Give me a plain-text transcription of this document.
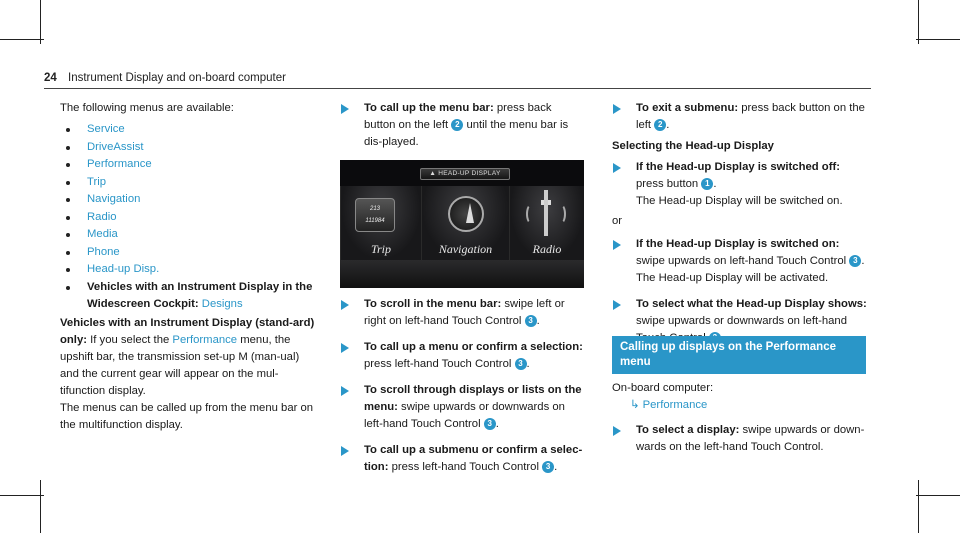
24 Instrument Display and on-board computer

The following menus are available:

Service
DriveAssist
Performance
Trip
Navigation
Radio
Media
Phone
Head-up Disp.
Vehicles with an Instrument Display in the Widescreen Cockpit: Designs

Vehicles with an Instrument Display (stand-ard) only: If you select the Performance menu, the upshift bar, the transmission set-up M (man-ual) and the current gear will appear on the mul-tifunction display.

The menus can be called up from the menu bar on the multifunction display.

To call up the menu bar: press back button on the left 2 until the menu bar is dis-played.
▲ HEAD-UP DISPLAY
213
111984
Trip	Navigation	Radio
To scroll in the menu bar: swipe left or right on left-hand Touch Control 3 .
To call up a menu or confirm a selection: press left-hand Touch Control 3 .
To scroll through displays or lists on the menu: swipe upwards or downwards on left-hand Touch Control 3 .
To call up a submenu or confirm a selec-tion: press left-hand Touch Control 3 .
To exit a submenu: press back button on the left 2 .
Selecting the Head-up Display
If the Head-up Display is switched off:
press button 1 .
The Head-up Display will be switched on.

or

If the Head-up Display is switched on:
swipe upwards on left-hand Touch Control 3 .
The Head-up Display will be activated.
To select what the Head-up Display shows: swipe upwards or downwards on left-hand
Calling up displays on the Performance menu

On-board computer:

↳ Performance

To select a display: swipe upwards or down-wards on the left-hand Touch Control.
